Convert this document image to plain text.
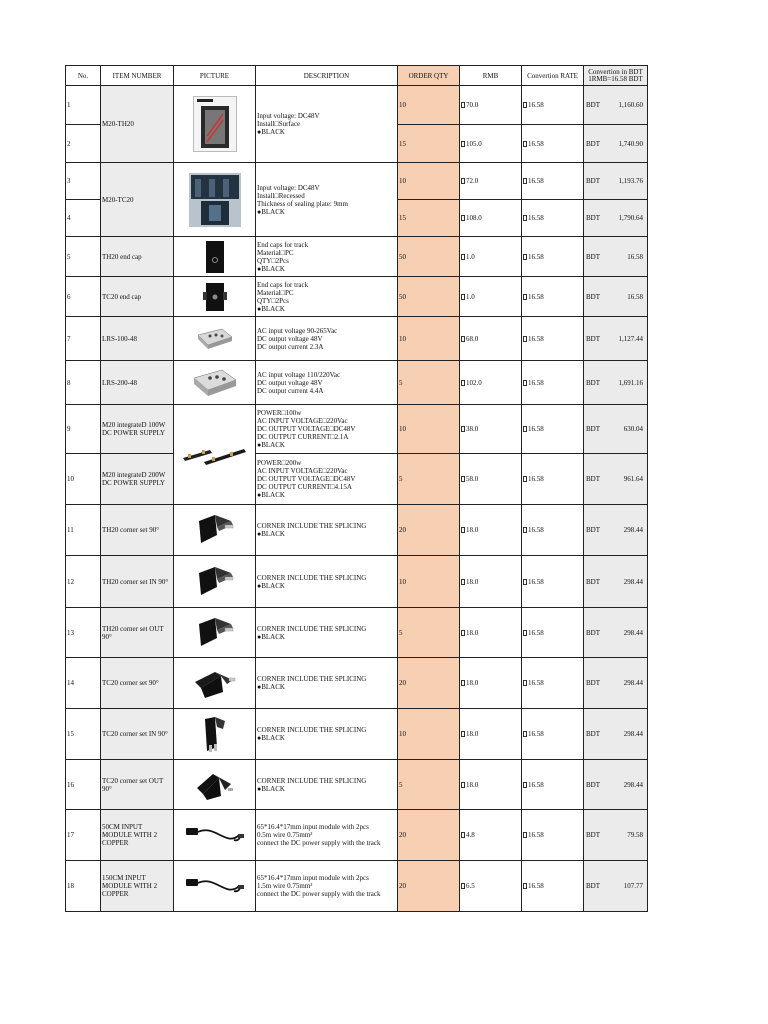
No.	ITEM NUMBER	PICTURE	DESCRIPTION	ORDER QTY	RMB	Convertion RATE	Convertion in BDT
1RMB=16.58 BDT

1	M20-TH20		Input voltage: DC48V
Install□Surface
●BLACK	10	70.0	16.58	BDT 1,160.60

2				15	105.0	16.58	BDT 1,740.90

3	M20-TC20		Input voltage: DC48V
Install□Recessed
Thickness of sealing plate: 9mm
●BLACK	10	72.0	16.58	BDT 1,193.76

4				15	108.0	16.58	BDT 1,790.64

5	TH20 end cap		End caps for track
Material□PC
QTY□2Pcs
●BLACK	50	1.0	16.58	BDT 16.58

6	TC20 end cap		End caps for track
Material□PC
QTY□2Pcs
●BLACK	50	1.0	16.58	BDT 16.58

7	LRS-100-48		AC input voltage 90-265Vac
DC output voltage 48V
DC output current 2.3A	10	68.0	16.58	BDT 1,127.44

8	LRS-200-48		AC input voltage 110/220Vac
DC output voltage 48V
DC output current 4.4A	5	102.0	16.58	BDT 1,691.16

9	M20 integrateD 100W DC POWER SUPPLY		POWER□100w
AC INPUT VOLTAGE□220Vac
DC OUTPUT VOLTAGE□DC48V
DC OUTPUT CURRENT□2.1A
●BLACK	10	38.0	16.58	BDT 630.04

10	M20 integrateD 200W DC POWER SUPPLY		POWER□200w
AC INPUT VOLTAGE□220Vac
DC OUTPUT VOLTAGE□DC48V
DC OUTPUT CURRENT□4.15A
●BLACK	5	58.0	16.58	BDT 961.64

11	TH20 corner set 90°		CORNER INCLUDE THE SPLICING
●BLACK	20	18.0	16.58	BDT 298.44

12	TH20 corner set IN 90°		CORNER INCLUDE THE SPLICING
●BLACK	10	18.0	16.58	BDT 298.44

13	TH20 corner set OUT 90°		CORNER INCLUDE THE SPLICING
●BLACK	5	18.0	16.58	BDT 298.44

14	TC20 corner set 90°		CORNER INCLUDE THE SPLICING
●BLACK	20	18.0	16.58	BDT 298.44

15	TC20 corner set IN 90°		CORNER INCLUDE THE SPLICING
●BLACK	10	18.0	16.58	BDT 298.44

16	TC20 corner set OUT 90°		CORNER INCLUDE THE SPLICING
●BLACK	5	18.0	16.58	BDT 298.44

17	50CM INPUT MODULE WITH 2 COPPER		65*16.4*17mm input module with 2pcs
0.5m wire 0.75mm²
connect the DC power supply with the track	20	4.8	16.58	BDT 79.58

18	150CM INPUT MODULE WITH 2 COPPER		65*16.4*17mm input module with 2pcs
1.5m wire 0.75mm²
connect the DC power supply with the track	20	6.5	16.58	BDT 107.77
